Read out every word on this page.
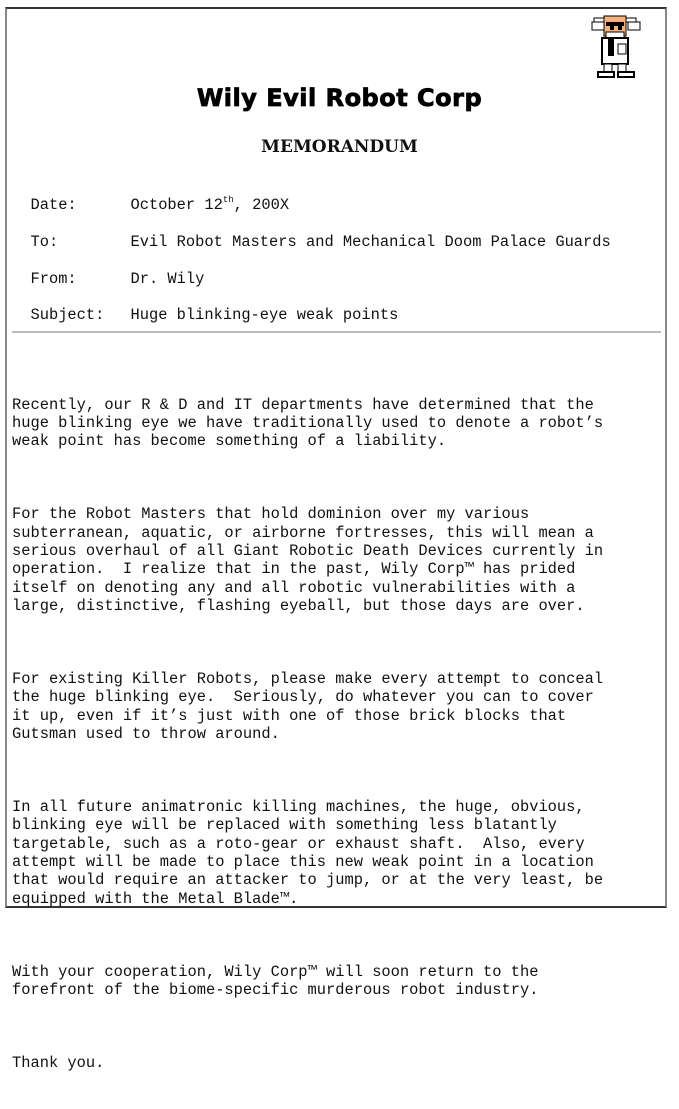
Wily Evil Robot Corp
MEMORANDUM

Date:	October 12th, 200X

To:	Evil Robot Masters and Mechanical Doom Palace Guards

From:	Dr. Wily

Subject: Huge blinking-eye weak points

Recently, our R & D and IT departments have determined that the
huge blinking eye we have traditionally used to denote a robot’s
weak point has become something of a liability.

For the Robot Masters that hold dominion over my various
subterranean, aquatic, or airborne fortresses, this will mean a
serious overhaul of all Giant Robotic Death Devices currently in
operation.  I realize that in the past, Wily Corp™ has prided
itself on denoting any and all robotic vulnerabilities with a
large, distinctive, flashing eyeball, but those days are over.

For existing Killer Robots, please make every attempt to conceal
the huge blinking eye.  Seriously, do whatever you can to cover
it up, even if it’s just with one of those brick blocks that
Gutsman used to throw around.

In all future animatronic killing machines, the huge, obvious,
blinking eye will be replaced with something less blatantly
targetable, such as a roto-gear or exhaust shaft.  Also, every
attempt will be made to place this new weak point in a location
that would require an attacker to jump, or at the very least, be
equipped with the Metal Blade™.

With your cooperation, Wily Corp™ will soon return to the
forefront of the biome-specific murderous robot industry.

Thank you.
